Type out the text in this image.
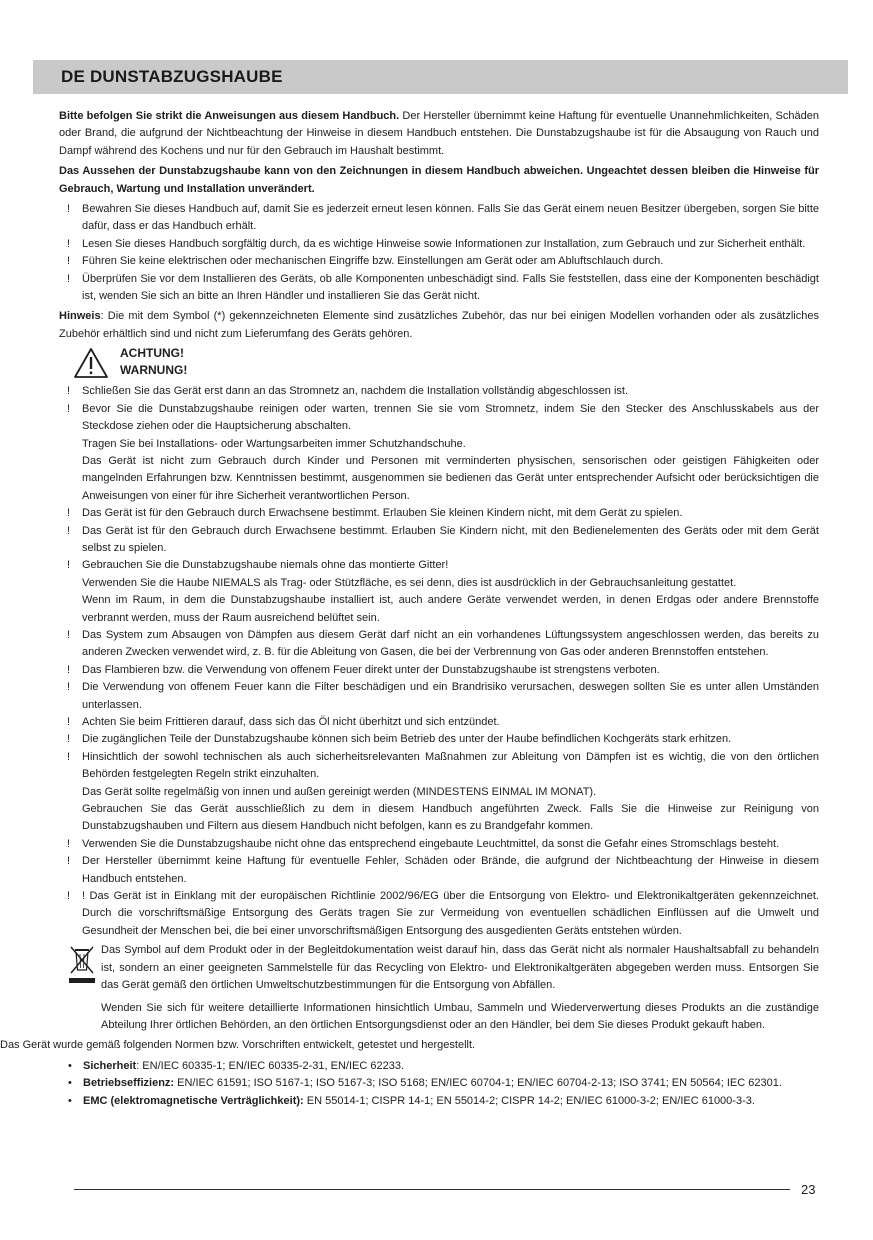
DE DUNSTABZUGSHAUBE

Bitte befolgen Sie strikt die Anweisungen aus diesem Handbuch. Der Hersteller übernimmt keine Haftung für eventuelle Unannehmlichkeiten, Schäden oder Brand, die aufgrund der Nichtbeachtung der Hinweise in diesem Handbuch entstehen. Die Dunstabzugshaube ist für die Absaugung von Rauch und Dampf während des Kochens und nur für den Gebrauch im Haushalt bestimmt.

Das Aussehen der Dunstabzugshaube kann von den Zeichnungen in diesem Handbuch abweichen. Ungeachtet dessen bleiben die Hinweise für Gebrauch, Wartung und Installation unverändert.

! Bewahren Sie dieses Handbuch auf, damit Sie es jederzeit erneut lesen können. Falls Sie das Gerät einem neuen Besitzer übergeben, sorgen Sie bitte dafür, dass er das Handbuch erhält.
! Lesen Sie dieses Handbuch sorgfältig durch, da es wichtige Hinweise sowie Informationen zur Installation, zum Gebrauch und zur Sicherheit enthält.
! Führen Sie keine elektrischen oder mechanischen Eingriffe bzw. Einstellungen am Gerät oder am Abluftschlauch durch.
! Überprüfen Sie vor dem Installieren des Geräts, ob alle Komponenten unbeschädigt sind. Falls Sie feststellen, dass eine der Komponenten beschädigt ist, wenden Sie sich an bitte an Ihren Händler und installieren Sie das Gerät nicht.

Hinweis: Die mit dem Symbol (*) gekennzeichneten Elemente sind zusätzliches Zubehör, das nur bei einigen Modellen vorhanden oder als zusätzliches Zubehör erhältlich sind und nicht zum Lieferumfang des Geräts gehören.

ACHTUNG!
WARNUNG!
! Schließen Sie das Gerät erst dann an das Stromnetz an, nachdem die Installation vollständig abgeschlossen ist.
! Bevor Sie die Dunstabzugshaube reinigen oder warten, trennen Sie sie vom Stromnetz, indem Sie den Stecker des Anschlusskabels aus der Steckdose ziehen oder die Hauptsicherung abschalten.
Tragen Sie bei Installations- oder Wartungsarbeiten immer Schutzhandschuhe.
Das Gerät ist nicht zum Gebrauch durch Kinder und Personen mit verminderten physischen, sensorischen oder geistigen Fähigkeiten oder mangelnden Erfahrungen bzw. Kenntnissen bestimmt, ausgenommen sie bedienen das Gerät unter entsprechender Aufsicht oder berücksichtigen die Anweisungen von einer für ihre Sicherheit verantwortlichen Person.
! Das Gerät ist für den Gebrauch durch Erwachsene bestimmt. Erlauben Sie kleinen Kindern nicht, mit dem Gerät zu spielen.
! Das Gerät ist für den Gebrauch durch Erwachsene bestimmt. Erlauben Sie Kindern nicht, mit den Bedienelementen des Geräts oder mit dem Gerät selbst zu spielen.
! Gebrauchen Sie die Dunstabzugshaube niemals ohne das montierte Gitter!
Verwenden Sie die Haube NIEMALS als Trag- oder Stützfläche, es sei denn, dies ist ausdrücklich in der Gebrauchsanleitung gestattet.
Wenn im Raum, in dem die Dunstabzugshaube installiert ist, auch andere Geräte verwendet werden, in denen Erdgas oder andere Brennstoffe verbrannt werden, muss der Raum ausreichend belüftet sein.
! Das System zum Absaugen von Dämpfen aus diesem Gerät darf nicht an ein vorhandenes Lüftungssystem angeschlossen werden, das bereits zu anderen Zwecken verwendet wird, z. B. für die Ableitung von Gasen, die bei der Verbrennung von Gas oder anderen Brennstoffen entstehen.
! Das Flambieren bzw. die Verwendung von offenem Feuer direkt unter der Dunstabzugshaube ist strengstens verboten.
! Die Verwendung von offenem Feuer kann die Filter beschädigen und ein Brandrisiko verursachen, deswegen sollten Sie es unter allen Umständen unterlassen.
! Achten Sie beim Frittieren darauf, dass sich das Öl nicht überhitzt und sich entzündet.
! Die zugänglichen Teile der Dunstabzugshaube können sich beim Betrieb des unter der Haube befindlichen Kochgeräts stark erhitzen.
! Hinsichtlich der sowohl technischen als auch sicherheitsrelevanten Maßnahmen zur Ableitung von Dämpfen ist es wichtig, die von den örtlichen Behörden festgelegten Regeln strikt einzuhalten.
Das Gerät sollte regelmäßig von innen und außen gereinigt werden (MINDESTENS EINMAL IM MONAT).
Gebrauchen Sie das Gerät ausschließlich zu dem in diesem Handbuch angeführten Zweck. Falls Sie die Hinweise zur Reinigung von Dunstabzugshauben und Filtern aus diesem Handbuch nicht befolgen, kann es zu Brandgefahr kommen.
! Verwenden Sie die Dunstabzugshaube nicht ohne das entsprechend eingebaute Leuchtmittel, da sonst die Gefahr eines Stromschlags besteht.
! Der Hersteller übernimmt keine Haftung für eventuelle Fehler, Schäden oder Brände, die aufgrund der Nichtbeachtung der Hinweise in diesem Handbuch entstehen.
! ! Das Gerät ist in Einklang mit der europäischen Richtlinie 2002/96/EG über die Entsorgung von Elektro- und Elektronikaltgeräten gekennzeichnet. Durch die vorschriftsmäßige Entsorgung des Geräts tragen Sie zur Vermeidung von eventuellen schädlichen Einflüssen auf die Umwelt und Gesundheit der Menschen bei, die bei einer unvorschriftsmäßigen Entsorgung des ausgedienten Geräts entstehen würden.
Das Symbol auf dem Produkt oder in der Begleitdokumentation weist darauf hin, dass das Gerät nicht als normaler Haushaltsabfall zu behandeln ist, sondern an einer geeigneten Sammelstelle für das Recycling von Elektro- und Elektronikaltgeräten abgegeben werden muss. Entsorgen Sie das Gerät gemäß den örtlichen Umweltschutzbestimmungen für die Entsorgung von Abfällen.
Wenden Sie sich für weitere detaillierte Informationen hinsichtlich Umbau, Sammeln und Wiederverwertung dieses Produkts an die zuständige Abteilung Ihrer örtlichen Behörden, an den örtlichen Entsorgungsdienst oder an den Händler, bei dem Sie dieses Produkt gekauft haben.
Das Gerät wurde gemäß folgenden Normen bzw. Vorschriften entwickelt, getestet und hergestellt.
• Sicherheit: EN/IEC 60335-1; EN/IEC 60335-2-31, EN/IEC 62233.
• Betriebseffizienz: EN/IEC 61591; ISO 5167-1; ISO 5167-3; ISO 5168; EN/IEC 60704-1; EN/IEC 60704-2-13; ISO 3741; EN 50564; IEC 62301.
• EMC (elektromagnetische Verträglichkeit): EN 55014-1; CISPR 14-1; EN 55014-2; CISPR 14-2; EN/IEC 61000-3-2; EN/IEC 61000-3-3.
23
